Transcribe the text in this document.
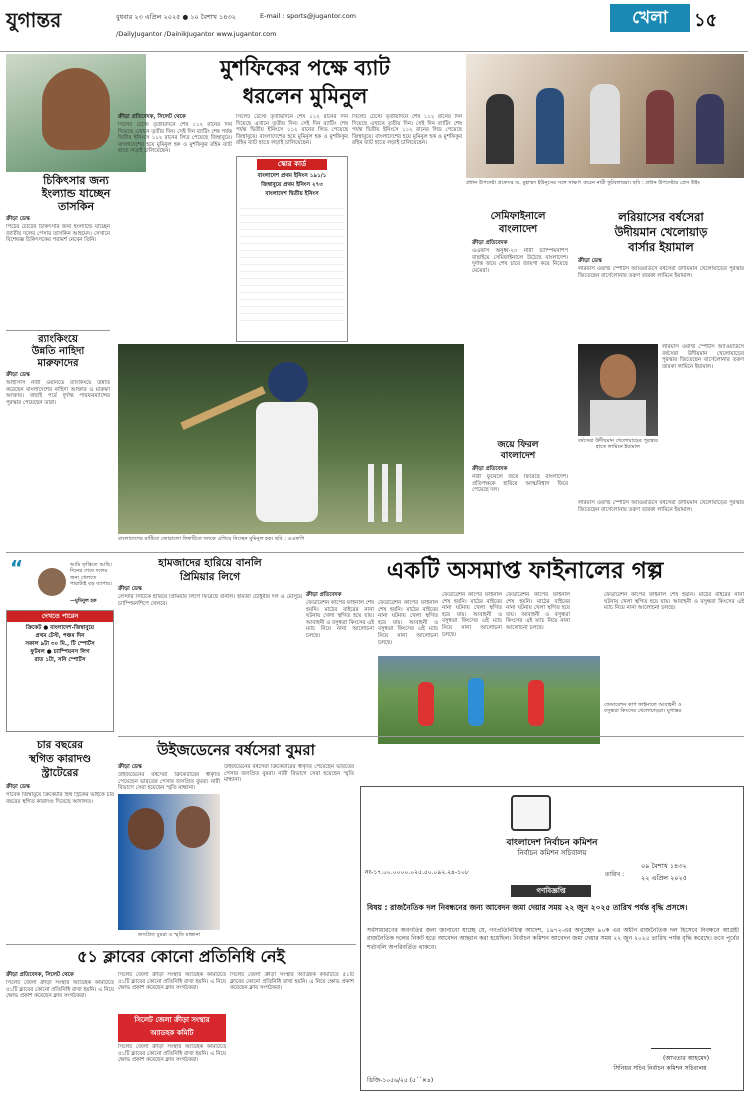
যুগান্তর	বুধবার ২৩ এপ্রিল ২০২৫ ● ১০ বৈশাখ ১৪৩২	E-mail : sports@jugantor.com
/DailyJugantor /DainikJugantor www.jugantor.com
খেলা	১৫
চিকিৎসার জন্য
ইংল্যান্ড যাচ্ছেন
তাসকিন
ক্রীড়া ডেস্ক
পিঠের চোটের চিকিৎসার জন্য ইংল্যান্ডে যাচ্ছেন জাতীয় দলের পেসার তাসকিন আহমেদ। সেখানে বিশেষজ্ঞ চিকিৎসকের পরামর্শ নেবেন তিনি।
র‍্যাংকিংয়ে
উন্নতি নাহিদা
মারুফাদের
ক্রীড়া ডেস্ক
আইসিসি নারী ওয়ানডে র‍্যাংকিংয়ে উন্নতি করেছেন বাংলাদেশের নাহিদা আক্তার ও মারুফা আক্তার। বাছাই পর্বে দুর্দান্ত পারফরম্যান্সের পুরস্কার পেয়েছেন তারা।
মুশফিকের পক্ষে ব্যাট
ধরলেন মুমিনুল
ক্রীড়া প্রতিবেদক, সিলেট থেকে
সিলেট টেস্টে তৃতীয়দিনে শেষ ১১২ রানের দিন দিয়েছে এখানে তৃতীয় দিন। সেই দিন ব্যাটিং শেষ পর্যন্ত দ্বিতীয় ইনিংসে ১১২ রানের লিড পেয়েছে জিম্বাবুয়ে। বাংলাদেশের হয়ে মুমিনুল হক ও মুশফিকুর রহিম ব্যাট হাতে লড়াই চালিয়েছেন।
সিলেট টেস্টে তৃতীয়দিনে শেষ ১১২ রানের দিন দিয়েছে এখানে তৃতীয় দিন। সেই দিন ব্যাটিং শেষ পর্যন্ত দ্বিতীয় ইনিংসে ১১২ রানের লিড পেয়েছে জিম্বাবুয়ে। বাংলাদেশের হয়ে মুমিনুল হক ও মুশফিকুর রহিম ব্যাট হাতে লড়াই চালিয়েছেন।
সিলেট টেস্টে তৃতীয়দিনে শেষ ১১২ রানের দিন দিয়েছে এখানে তৃতীয় দিন। সেই দিন ব্যাটিং শেষ পর্যন্ত দ্বিতীয় ইনিংসে ১১২ রানের লিড পেয়েছে জিম্বাবুয়ে। বাংলাদেশের হয়ে মুমিনুল হক ও মুশফিকুর রহিম ব্যাট হাতে লড়াই চালিয়েছেন।
স্কোর কার্ড
বাংলাদেশ প্রথম ইনিংস ১৯১/১
জিম্বাবুয়ে প্রথম ইনিংস ২৭৩
বাংলাদেশ দ্বিতীয় ইনিংস
প্রধান উপদেষ্টা প্রফেসর ড. মুহাম্মদ ইউনূসের সঙ্গে সাক্ষাৎ করেন নারী ফুটবলাররা। ছবি : প্রধান উপদেষ্টার প্রেস উইং
সেমিফাইনালে
বাংলাদেশ
ক্রীড়া প্রতিবেদক
এএফসি অনূর্ধ্ব-২০ নারী চ্যাম্পিয়নশিপ বাছাইয়ে সেমিফাইনালে উঠেছে বাংলাদেশ। দুর্দান্ত জয়ে শেষ চারে জায়গা করে নিয়েছে মেয়েরা।
জয়ে ফিরল
বাংলাদেশ
ক্রীড়া প্রতিবেদক
নারী ফুটবলে জয়ে ফিরেছে বাংলাদেশ। প্রতিপক্ষকে হারিয়ে আত্মবিশ্বাস ফিরে পেয়েছে দল।
লরিয়াসের বর্ষসেরা
উদীয়মান খেলোয়াড়
বার্সার ইয়ামাল
ক্রীড়া ডেস্ক
লরিয়াস ওয়ার্ল্ড স্পোর্টস অ্যাওয়ার্ডসে বর্ষসেরা উদীয়মান খেলোয়াড়ের পুরস্কার জিতেছেন বার্সেলোনার তরুণ তারকা লামিনে ইয়ামাল।
লরিয়াস ওয়ার্ল্ড স্পোর্টস অ্যাওয়ার্ডসে বর্ষসেরা উদীয়মান খেলোয়াড়ের পুরস্কার জিতেছেন বার্সেলোনার তরুণ তারকা লামিনে ইয়ামাল।
বর্ষসেরা উদীয়মান খেলোয়াড়ের পুরস্কার হাতে লামিনে ইয়ামাল
লরিয়াস ওয়ার্ল্ড স্পোর্টস অ্যাওয়ার্ডসে বর্ষসেরা উদীয়মান খেলোয়াড়ের পুরস্কার জিতেছেন বার্সেলোনার তরুণ তারকা লামিনে ইয়ামাল।
বাংলাদেশের মাটিতে জোরালো ফিফটিতে দলকে এগিয়ে নিচ্ছেন মুমিনুল হক। ছবি : এএফপি
“	আমি তৃপ্তিতে আছি। দিনের শেষে দলের জন্য খেলতে পারাটাই বড় ব্যাপার।
—মুমিনুল হক
দেখতে পারেন
ক্রিকেট ● বাংলাদেশ-জিম্বাবুয়ে
প্রথম টেস্ট, পঞ্চম দিন
সকাল ৯টা ৩০ মি., টি স্পোর্টস
ফুটবল ● চ্যাম্পিয়নস লিগ
রাত ১টা, সনি স্পোর্টস
হামজাদের হারিয়ে বানলি
প্রিমিয়ার লিগে
ক্রীড়া ডেস্ক
লেস্টার সিটিকে হারিয়ে প্রিমিয়ার লিগে ফিরেছে বার্নলি। হামজা চৌধুরীর দল এ মৌসুমে চ্যাম্পিয়নশিপে খেলবে।
একটি অসমাপ্ত ফাইনালের গল্প
ক্রীড়া প্রতিবেদক
ফেডারেশন কাপের ফাইনাল শেষ হয়নি। মাঠের বাইরের নানা ঘটনায় খেলা স্থগিত হয়ে যায়। আবাহনী ও বসুন্ধরা কিংসের এই ম্যাচ নিয়ে নানা আলোচনা চলছে।
ফেডারেশন কাপের ফাইনাল শেষ হয়নি। মাঠের বাইরের নানা ঘটনায় খেলা স্থগিত হয়ে যায়। আবাহনী ও বসুন্ধরা কিংসের এই ম্যাচ নিয়ে নানা আলোচনা চলছে।
ফেডারেশন কাপের ফাইনাল শেষ হয়নি। মাঠের বাইরের নানা ঘটনায় খেলা স্থগিত হয়ে যায়। আবাহনী ও বসুন্ধরা কিংসের এই ম্যাচ নিয়ে নানা আলোচনা চলছে।
ফেডারেশন কাপের ফাইনাল শেষ হয়নি। মাঠের বাইরের নানা ঘটনায় খেলা স্থগিত হয়ে যায়। আবাহনী ও বসুন্ধরা কিংসের এই ম্যাচ নিয়ে নানা আলোচনা চলছে।
ফেডারেশন কাপের ফাইনাল শেষ হয়নি। মাঠের বাইরের নানা ঘটনায় খেলা স্থগিত হয়ে যায়। আবাহনী ও বসুন্ধরা কিংসের এই ম্যাচ নিয়ে নানা আলোচনা চলছে।
ফেডারেশন কাপ ফাইনালে আবাহনী ও বসুন্ধরা কিংসের খেলোয়াড়রা। যুগান্তর
চার বছরের
স্থগিত কারাদণ্ড
স্ট্রাটেরের
ক্রীড়া ডেস্ক
সাবেক জিম্বাবুয়ে ক্রিকেটার হিথ স্ট্রিকের ভাইকে চার বছরের স্থগিত কারাদণ্ড দিয়েছে আদালত।
উইজডেনের বর্ষসেরা বুমরা
ক্রীড়া ডেস্ক
উইজডেনের বর্ষসেরা ক্রিকেটারের স্বীকৃতি পেয়েছেন ভারতের পেসার জসপ্রিত বুমরা। নারী বিভাগে সেরা হয়েছেন স্মৃতি মান্ধানা।
জসপ্রিত বুমরা ও স্মৃতি মান্ধানা
উইজডেনের বর্ষসেরা ক্রিকেটারের স্বীকৃতি পেয়েছেন ভারতের পেসার জসপ্রিত বুমরা। নারী বিভাগে সেরা হয়েছেন স্মৃতি মান্ধানা।
৫১ ক্লাবের কোনো প্রতিনিধি নেই
ক্রীড়া প্রতিবেদক, সিলেট থেকে
সিলেট জেলা ক্রীড়া সংস্থার অ্যাডহক কমিটিতে ৫১টি ক্লাবের কোনো প্রতিনিধি রাখা হয়নি। এ নিয়ে ক্ষোভ প্রকাশ করেছেন ক্লাব সংগঠকরা।
সিলেট জেলা ক্রীড়া সংস্থার অ্যাডহক কমিটিতে ৫১টি ক্লাবের কোনো প্রতিনিধি রাখা হয়নি। এ নিয়ে ক্ষোভ প্রকাশ করেছেন ক্লাব সংগঠকরা।
সিলেট জেলা ক্রীড়া সংস্থার
অ্যাডহক কমিটি
সিলেট জেলা ক্রীড়া সংস্থার অ্যাডহক কমিটিতে ৫১টি ক্লাবের কোনো প্রতিনিধি রাখা হয়নি। এ নিয়ে ক্ষোভ প্রকাশ করেছেন ক্লাব সংগঠকরা।
সিলেট জেলা ক্রীড়া সংস্থার অ্যাডহক কমিটিতে ৫১টি ক্লাবের কোনো প্রতিনিধি রাখা হয়নি। এ নিয়ে ক্ষোভ প্রকাশ করেছেন ক্লাব সংগঠকরা।
বাংলাদেশ নির্বাচন কমিশন
নির্বাচন কমিশন সচিবালয়
নং-১৭.০০.০০০০.০২৫.৫০.০৯২.২৪-১০৮	তারিখ :
০৯ বৈশাখ ১৪৩২
২২ এপ্রিল ২০২৫
গণবিজ্ঞপ্তি
বিষয় : রাজনৈতিক দল নিবন্ধনের জন্য আবেদন জমা দেয়ার সময় ২২ জুন ২০২৫ তারিখ পর্যন্ত বৃদ্ধি প্রসঙ্গে।
সর্বসাধারণের অবগতির জন্য জানানো যাচ্ছে যে, গণপ্রতিনিধিত্ব আদেশ, ১৯৭২-এর অনুচ্ছেদ ৯০ক এর অধীন রাজনৈতিক দল হিসেবে নিবন্ধনে আগ্রহী রাজনৈতিক দলের নিকট হতে আবেদন আহ্বান করা হয়েছিল। নির্বাচন কমিশন আবেদন জমা দেয়ার সময় ২২ জুন ২০২৫ তারিখ পর্যন্ত বৃদ্ধি করেছে। তবে পূর্বের শর্তাবলি অপরিবর্তিত থাকবে।
(আখতার আহমেদ)
সিনিয়র সচিব নির্বাচন কমিশন সচিবালয়
ডিজি-১০৫৬/২৫ (৫´´×৪)
